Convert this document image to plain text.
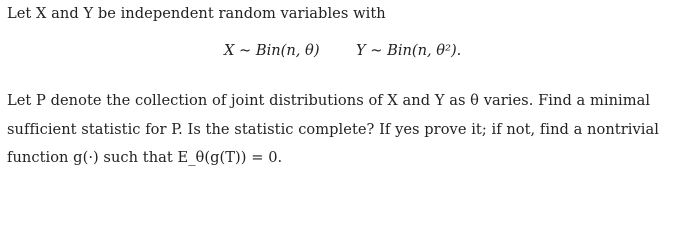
Let X and Y be independent random variables with
X ~ Bin(n, θ) Y ~ Bin(n, θ²).
Let P denote the collection of joint distributions of X and Y as θ varies. Find a minimal
sufficient statistic for P. Is the statistic complete? If yes prove it; if not, find a nontrivial
function g(·) such that E_θ(g(T)) = 0.
